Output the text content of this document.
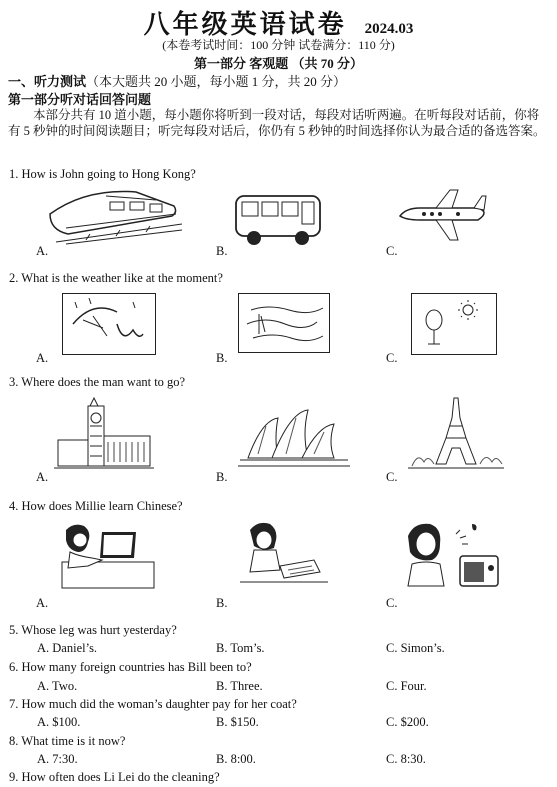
八年级英语试卷 2024.03
(本卷考试时间：100 分钟 试卷满分：110 分)
第一部分 客观题 （共 70 分）
一、听力测试（本大题共 20 小题，每小题 1 分，共 20 分）
第一部分听对话回答问题
本部分共有 10 道小题，每小题你将听到一段对话，每段对话听两遍。在听每段对话前，你将有 5 秒钟的时间阅读题目；听完每段对话后，你仍有 5 秒钟的时间选择你认为最合适的备选答案。
1. How is John going to Hong Kong?
A.	B.	C.
2. What is the weather like at the moment?
A.	B.	C.
3. Where does the man want to go?
A.	B.	C.
4. How does Millie learn Chinese?
A.	B.	C.
5. Whose leg was hurt yesterday?
A. Daniel’s.	B. Tom’s.	C. Simon’s.
6. How many foreign countries has Bill been to?
A. Two.	B. Three.	C. Four.
7. How much did the woman’s daughter pay for her coat?
A. $100.	B. $150.	C. $200.
8. What time is it now?
A. 7:30.	B. 8:00.	C. 8:30.
9. How often does Li Lei do the cleaning?
